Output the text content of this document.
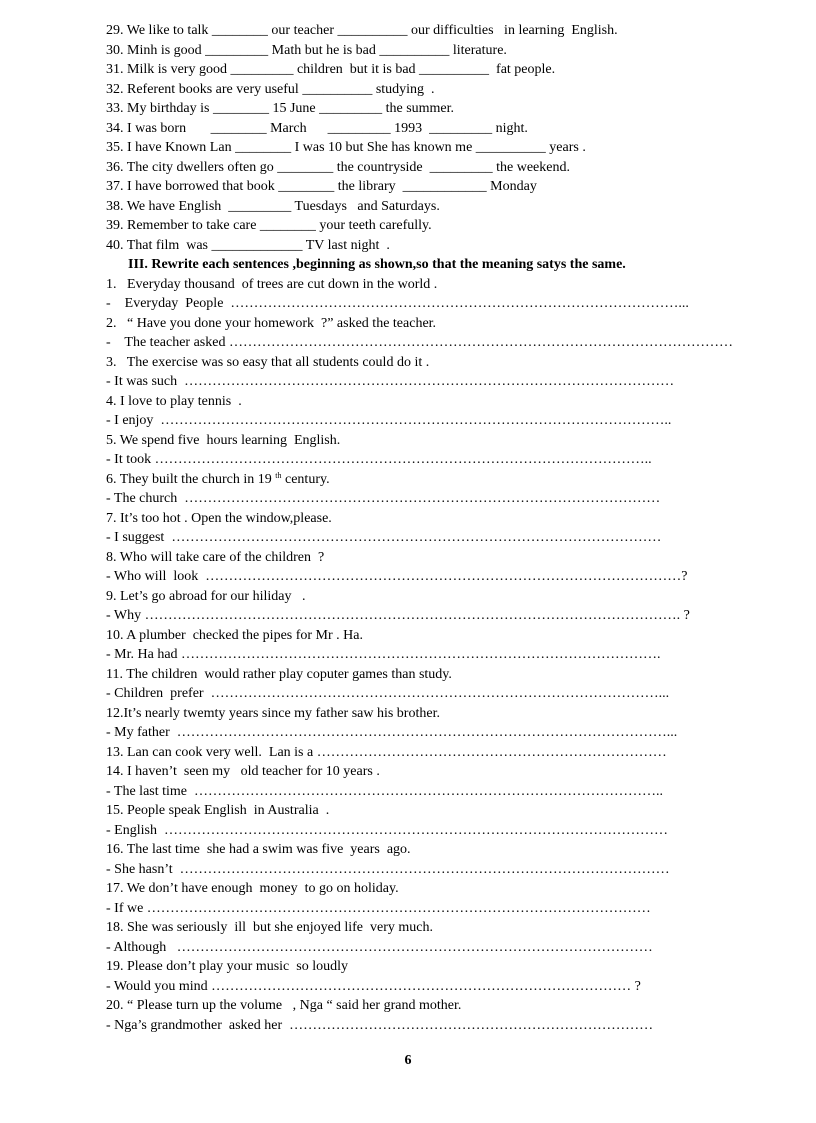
29. We like to talk ________ our teacher __________ our difficulties   in learning  English.
30. Minh is good _________ Math but he is bad __________ literature.
31. Milk is very good _________ children  but it is bad __________  fat people.
32. Referent books are very useful __________ studying  .
33. My birthday is ________ 15 June _________ the summer.
34. I was born       ________ March      _________ 1993  _________ night.
35. I have Known Lan ________ I was 10 but She has known me __________ years .
36. The city dwellers often go ________ the countryside  _________ the weekend.
37. I have borrowed that book ________ the library  ____________ Monday
38. We have English  _________ Tuesdays   and Saturdays.
39. Remember to take care ________ your teeth carefully.
40. That film  was _____________ TV last night  .
III. Rewrite each sentences ,beginning as shown,so that the meaning satys the same.
1.   Everyday thousand  of trees are cut down in the world .
-    Everyday  People  ……………………………………………………………………………………...
2.   “ Have you done your homework  ?” asked the teacher.
-    The teacher asked ………………………………………………………………………………………………
3.   The exercise was so easy that all students could do it .
- It was such  ……………………………………………………………………………………………
4. I love to play tennis  .
- I enjoy  ………………………………………………………………………………………………..
5. We spend five  hours learning  English.
- It took ……………………………………………………………………………………………..
6. They built the church in 19 $^{th}$ century.
- The church  …………………………………………………………………………………………
7. It’s too hot . Open the window,please.
- I suggest  ……………………………………………………………………………………………
8. Who will take care of the children  ?
- Who will  look  …………………………………………………………………………………………?
9. Let’s go abroad for our hiliday   .
- Why ……………………………………………………………………………………………………. ?
10. A plumber  checked the pipes for Mr . Ha.
- Mr. Ha had ………………………………………………………………………………………….
11. The children  would rather play coputer games than study.
- Children  prefer  ……………………………………………………………………………………...
12.It’s nearly twemty years since my father saw his brother.
- My father  ……………………………………………………………………………………………...
13. Lan can cook very well.  Lan is a …………………………………………………………………
14. I haven’t  seen my   old teacher for 10 years .
- The last time  ………………………………………………………………………………………..
15. People speak English  in Australia  .
- English  ………………………………………………………………………………………………
16. The last time  she had a swim was five  years  ago.
- She hasn’t  ……………………………………………………………………………………………
17. We don’t have enough  money  to go on holiday.
- If we ………………………………………………………………………………………………
18. She was seriously  ill  but she enjoyed life  very much.
- Although   …………………………………………………………………………………………
19. Please don’t play your music  so loudly
- Would you mind ……………………………………………………………………………… ?
20. “ Please turn up the volume   , Nga “ said her grand mother.
- Nga’s grandmother  asked her  ……………………………………………………………………
6
